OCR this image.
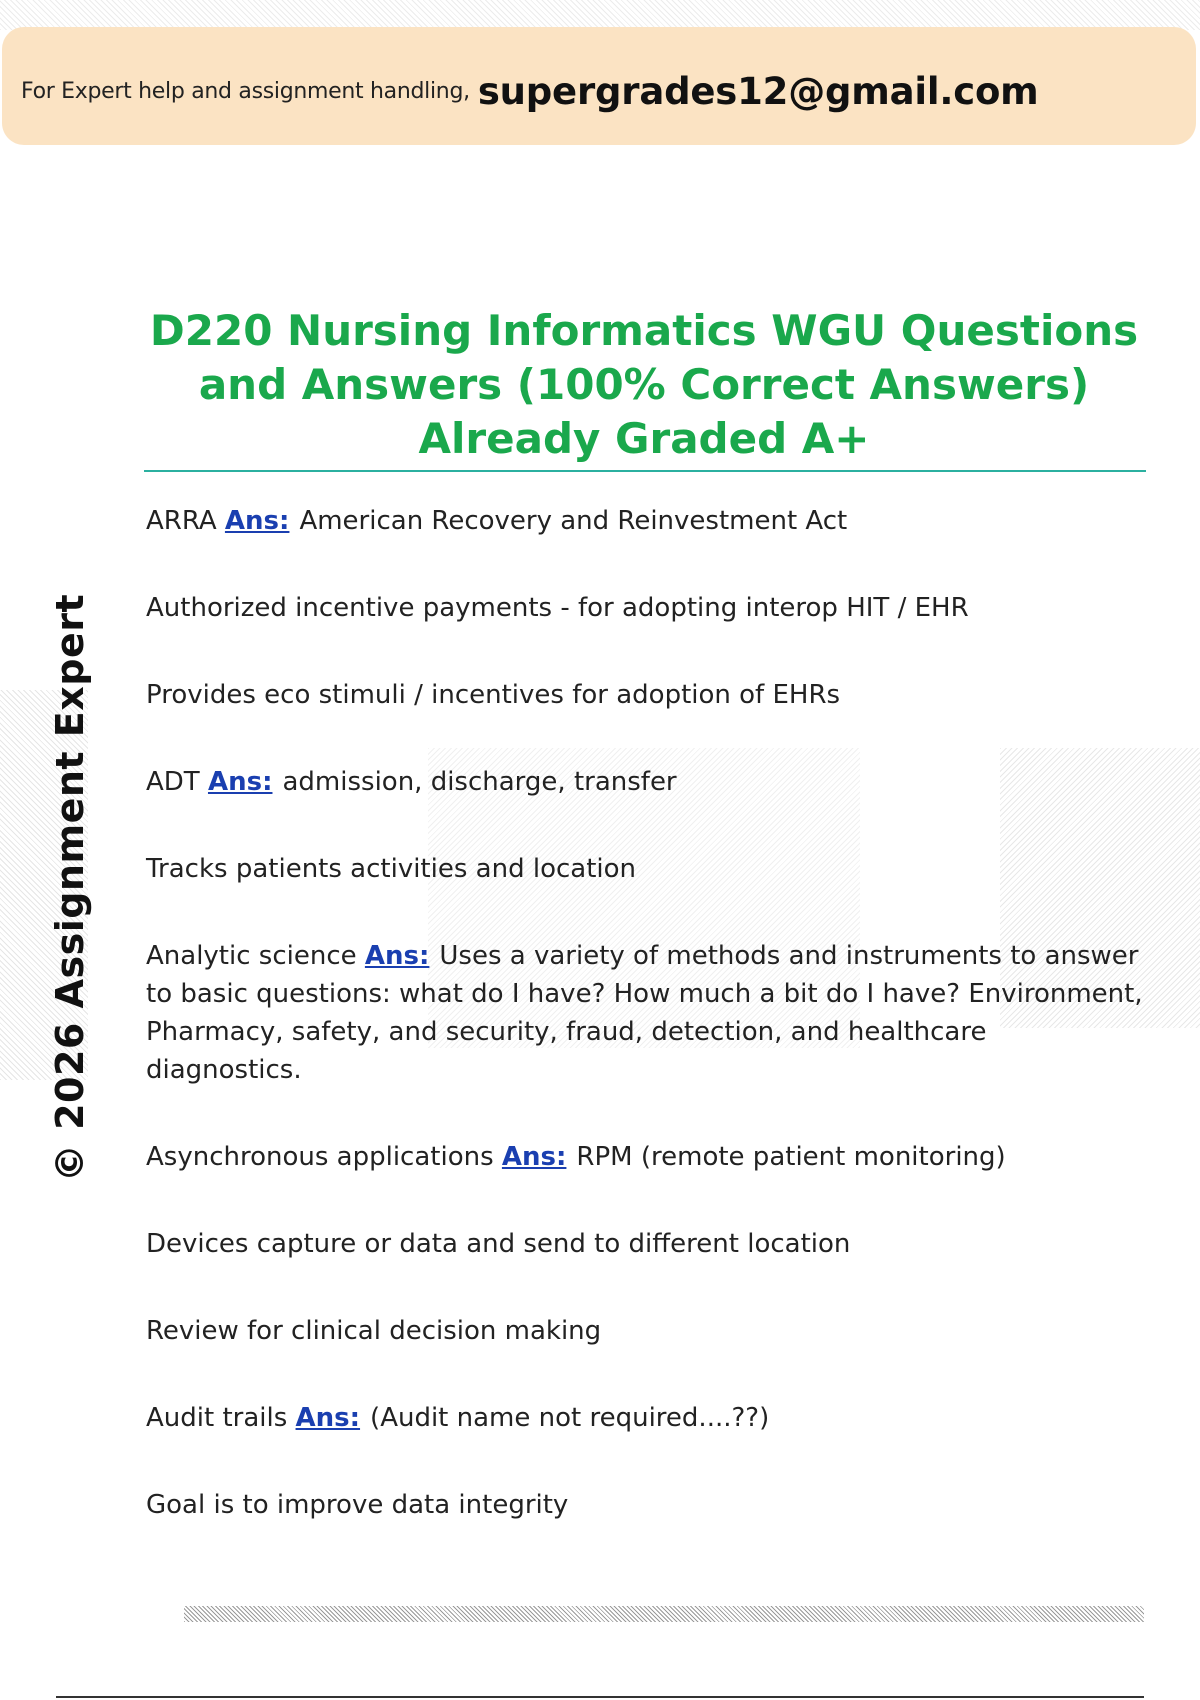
For Expert help and assignment handling, supergrades12@gmail.com
© 2026 Assignment Expert
D220 Nursing Informatics WGU Questions and Answers (100% Correct Answers) Already Graded A+

ARRA Ans: American Recovery and Reinvestment Act

Authorized incentive payments - for adopting interop HIT / EHR

Provides eco stimuli / incentives for adoption of EHRs

ADT Ans: admission, discharge, transfer

Tracks patients activities and location

Analytic science Ans: Uses a variety of methods and instruments to answer to basic questions: what do I have? How much a bit do I have? Environment, Pharmacy, safety, and security, fraud, detection, and healthcare diagnostics.

Asynchronous applications Ans: RPM (remote patient monitoring)

Devices capture or data and send to different location

Review for clinical decision making

Audit trails Ans: (Audit name not required....??)

Goal is to improve data integrity
